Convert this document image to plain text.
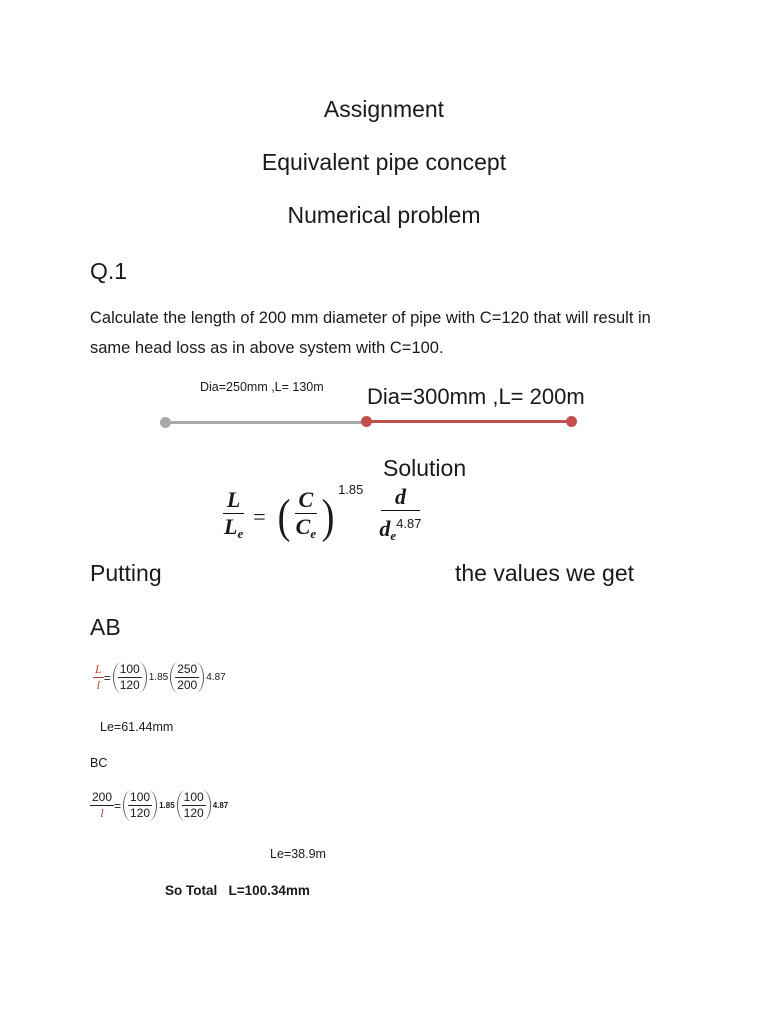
Assignment
Equivalent pipe concept
Numerical problem
Q.1
Calculate the length of 200 mm diameter of pipe with C=120 that will result in same head loss as in above system with C=100.
Dia=250mm ,L= 130m Dia=300mm ,L= 200m
Solution
$\frac{L}{L_e}$ = ( $\frac{C}{C_e}$ ) $1.85 \frac{d}{d_e^{4.87}}$
Putting	the values we get
AB
$\frac{L}{l} = \frac{100}{120} 1.85 \frac{250}{200} 4.87$
Le=61.44mm
BC
$\frac{200}{l} = \frac{100}{120} 1.85 \frac{100}{120} 4.87$
Le=38.9m
So Total   L=100.34mm
